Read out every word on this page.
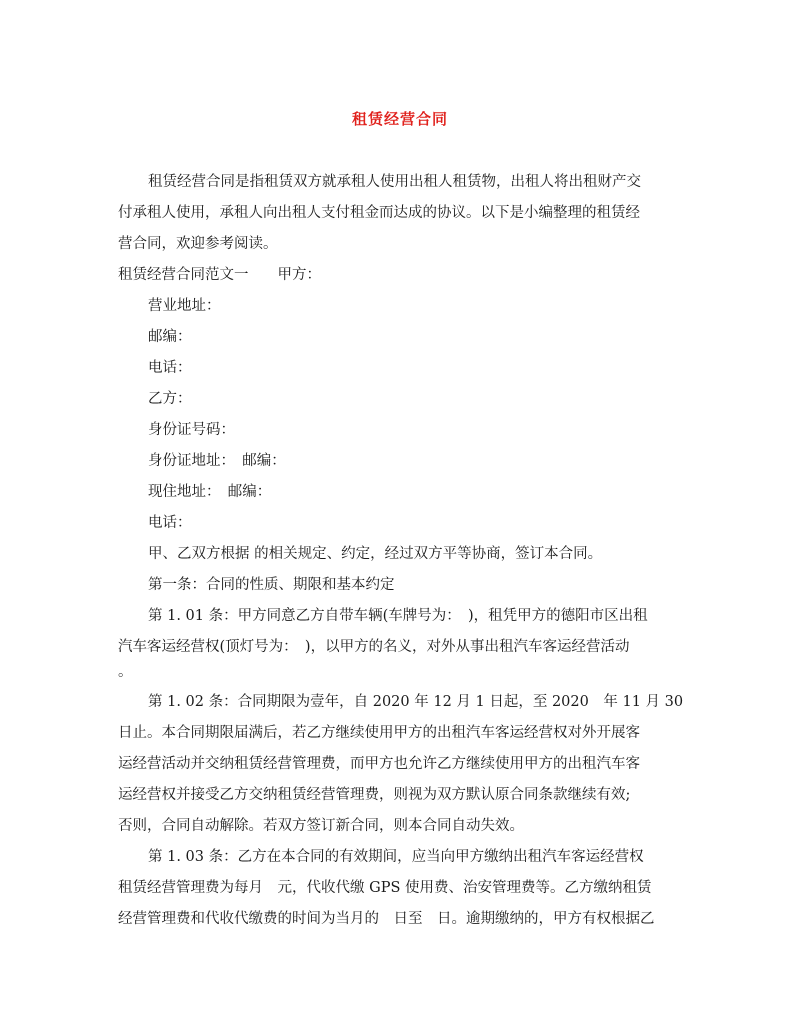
租赁经营合同
租赁经营合同是指租赁双方就承租人使用出租人租赁物，出租人将出租财产交
付承租人使用，承租人向出租人支付租金而达成的协议。以下是小编整理的租赁经
营合同，欢迎参考阅读。
租赁经营合同范文一　　甲方：
营业地址：
邮编：
电话：
乙方：
身份证号码：
身份证地址：　邮编：
现住地址：　邮编：
电话：
甲、乙双方根据 的相关规定、约定，经过双方平等协商，签订本合同。
第一条：合同的性质、期限和基本约定
第 1. 01 条：甲方同意乙方自带车辆(车牌号为：　)，租凭甲方的德阳市区出租
汽车客运经营权(顶灯号为：　)，以甲方的名义，对外从事出租汽车客运经营活动
。
第 1. 02 条：合同期限为壹年，自 2020 年 12 月 1 日起，至 2020　年 11 月 30
日止。本合同期限届满后，若乙方继续使用甲方的出租汽车客运经营权对外开展客
运经营活动并交纳租赁经营管理费，而甲方也允许乙方继续使用甲方的出租汽车客
运经营权并接受乙方交纳租赁经营管理费，则视为双方默认原合同条款继续有效;
否则，合同自动解除。若双方签订新合同，则本合同自动失效。
第 1. 03 条：乙方在本合同的有效期间，应当向甲方缴纳出租汽车客运经营权
租赁经营管理费为每月　元，代收代缴 GPS 使用费、治安管理费等。乙方缴纳租赁
经营管理费和代收代缴费的时间为当月的　日至　日。逾期缴纳的，甲方有权根据乙
